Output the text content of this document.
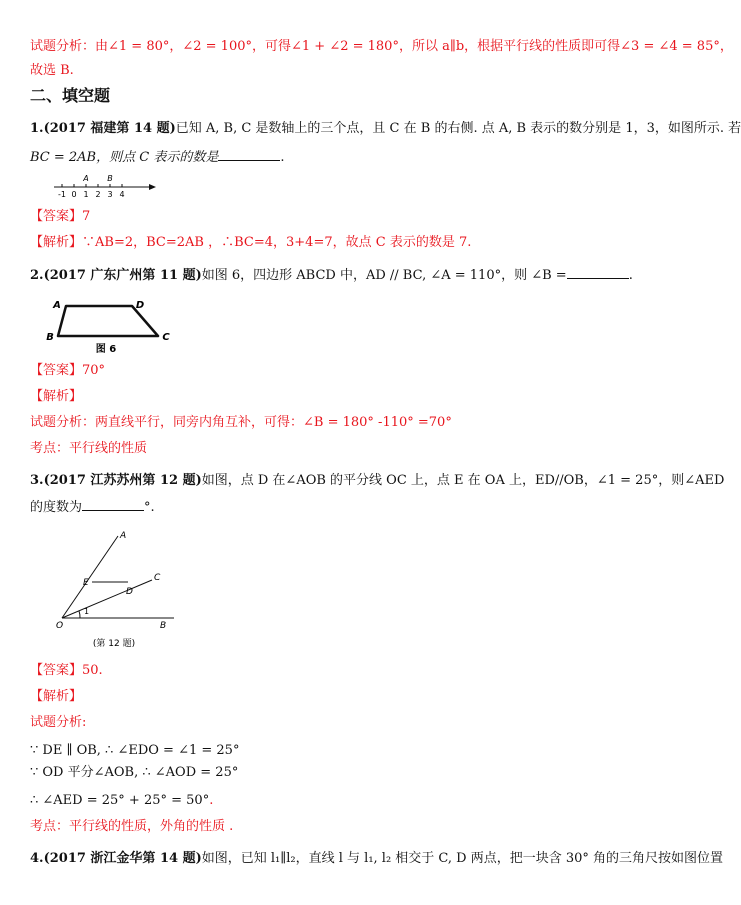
试题分析：由∠1 = 80°，∠2 = 100°，可得∠1 + ∠2 = 180°，所以 a∥b，根据平行线的性质即可得∠3 = ∠4 = 85°，
故选 B.
二、填空题
1.(2017 福建第 14 题)已知 A, B, C 是数轴上的三个点，且 C 在 B 的右侧. 点 A, B 表示的数分别是 1，3，如图所示. 若
BC = 2AB，则点 C 表示的数是	.
A B
-1 0 1 2 3 4
【答案】7
【解析】∵AB=2，BC=2AB ，∴BC=4，3+4=7，故点 C 表示的数是 7.
2.(2017 广东广州第 11 题)如图 6，四边形 ABCD 中，AD // BC, ∠A = 110°，则 ∠B =	.
A	D
B	C
图 6
【答案】70°
【解析】
试题分析：两直线平行，同旁内角互补，可得：∠B = 180° -110° =70°
考点：平行线的性质
3.(2017 江苏苏州第 12 题)如图，点 D 在∠AOB 的平分线 OC 上，点 E 在 OA 上，ED//OB，∠1 = 25°，则∠AED
的度数为	°.
A
C
E
D
1
O	B
(第 12 题)
【答案】50.
【解析】
试题分析:
∵ DE ∥ OB, ∴ ∠EDO = ∠1 = 25°
∵ OD 平分∠AOB, ∴ ∠AOD = 25°
∴ ∠AED = 25° + 25° = 50°.
考点：平行线的性质，外角的性质 .
4.(2017 浙江金华第 14 题)如图，已知 l₁∥l₂，直线 l 与 l₁, l₂ 相交于 C, D 两点，把一块含 30° 角的三角尺按如图位置
